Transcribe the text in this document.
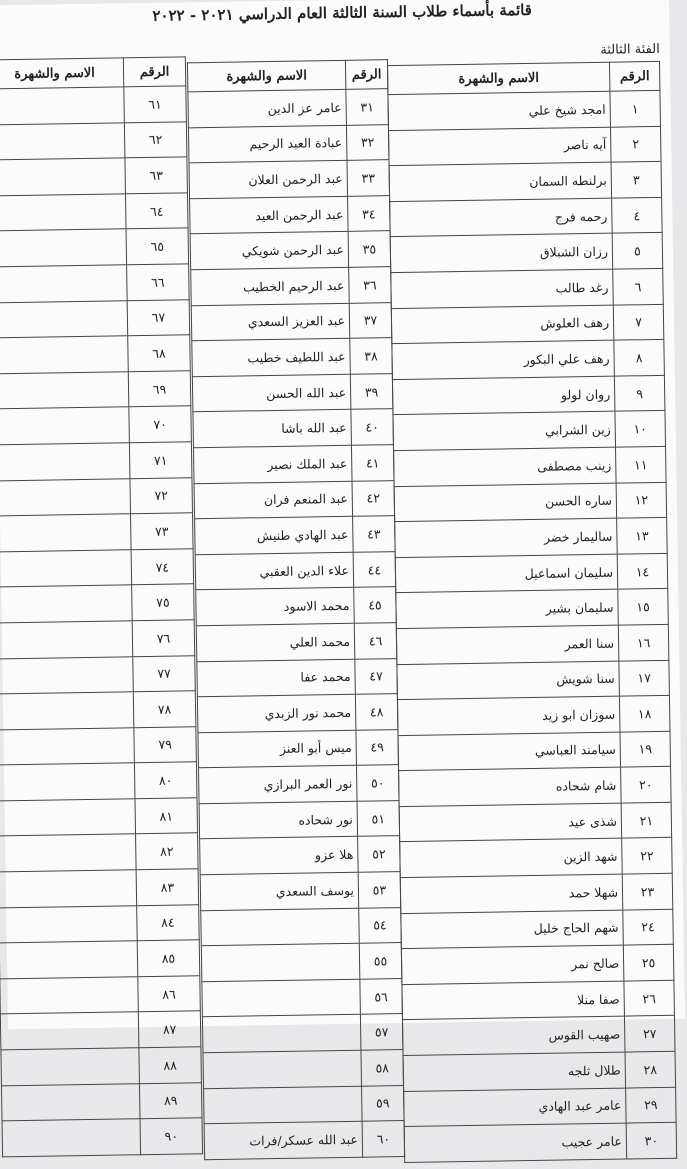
قائمة بأسماء طلاب السنة الثالثة العام الدراسي ٢٠٢١ - ٢٠٢٢
الفئة الثالثة
الرقم	الاسم والشهرة
١	امجد شيخ علي
٢	آيه ناصر
٣	برلنطه السمان
٤	رحمه فرج
٥	رزان الشبلاق
٦	رغد طالب
٧	رهف العلوش
٨	رهف علي البكور
٩	روان لولو
١٠	زين الشرابي
١١	زينب مصطفى
١٢	ساره الحسن
١٣	ساليمار خضر
١٤	سليمان اسماعيل
١٥	سليمان بشير
١٦	سنا العمر
١٧	سنا شويش
١٨	سوزان ابو زيد
١٩	سيامند العباسي
٢٠	شام شحاده
٢١	شذى عيد
٢٢	شهد الزين
٢٣	شهلا حمد
٢٤	شهم الحاج خليل
٢٥	صالح نمر
٢٦	صفا منلا
٢٧	صهيب القوس
٢٨	طلال ثلجه
٢٩	عامر عبد الهادي
٣٠	عامر عجيب
الرقم	الاسم والشهرة
٣١	عامر عز الدين
٣٢	عبادة العبد الرحيم
٣٣	عبد الرحمن العلان
٣٤	عبد الرحمن العيد
٣٥	عبد الرحمن شويكي
٣٦	عبد الرحيم الخطيب
٣٧	عبد العزيز السعدي
٣٨	عبد اللطيف خطيب
٣٩	عبد الله الحسن
٤٠	عبد الله باشا
٤١	عبد الملك نصير
٤٢	عبد المنعم فران
٤٣	عبد الهادي طنيش
٤٤	علاء الدين العقبي
٤٥	محمد الاسود
٤٦	محمد العلي
٤٧	محمد عفا
٤٨	محمد نور الزبدي
٤٩	ميس أبو العنز
٥٠	نور العمر البرازي
٥١	نور شحاده
٥٢	هلا عزو
٥٣	يوسف السعدي
٥٤	
٥٥	
٥٦	
٥٧	
٥٨	
٥٩	
٦٠	عبد الله عسكر/فرات
الرقم	الاسم والشهرة
٦١	
٦٢	
٦٣	
٦٤	
٦٥	
٦٦	
٦٧	
٦٨	
٦٩	
٧٠	
٧١	
٧٢	
٧٣	
٧٤	
٧٥	
٧٦	
٧٧	
٧٨	
٧٩	
٨٠	
٨١	
٨٢	
٨٣	
٨٤	
٨٥	
٨٦	
٨٧	
٨٨	
٨٩	
٩٠	
